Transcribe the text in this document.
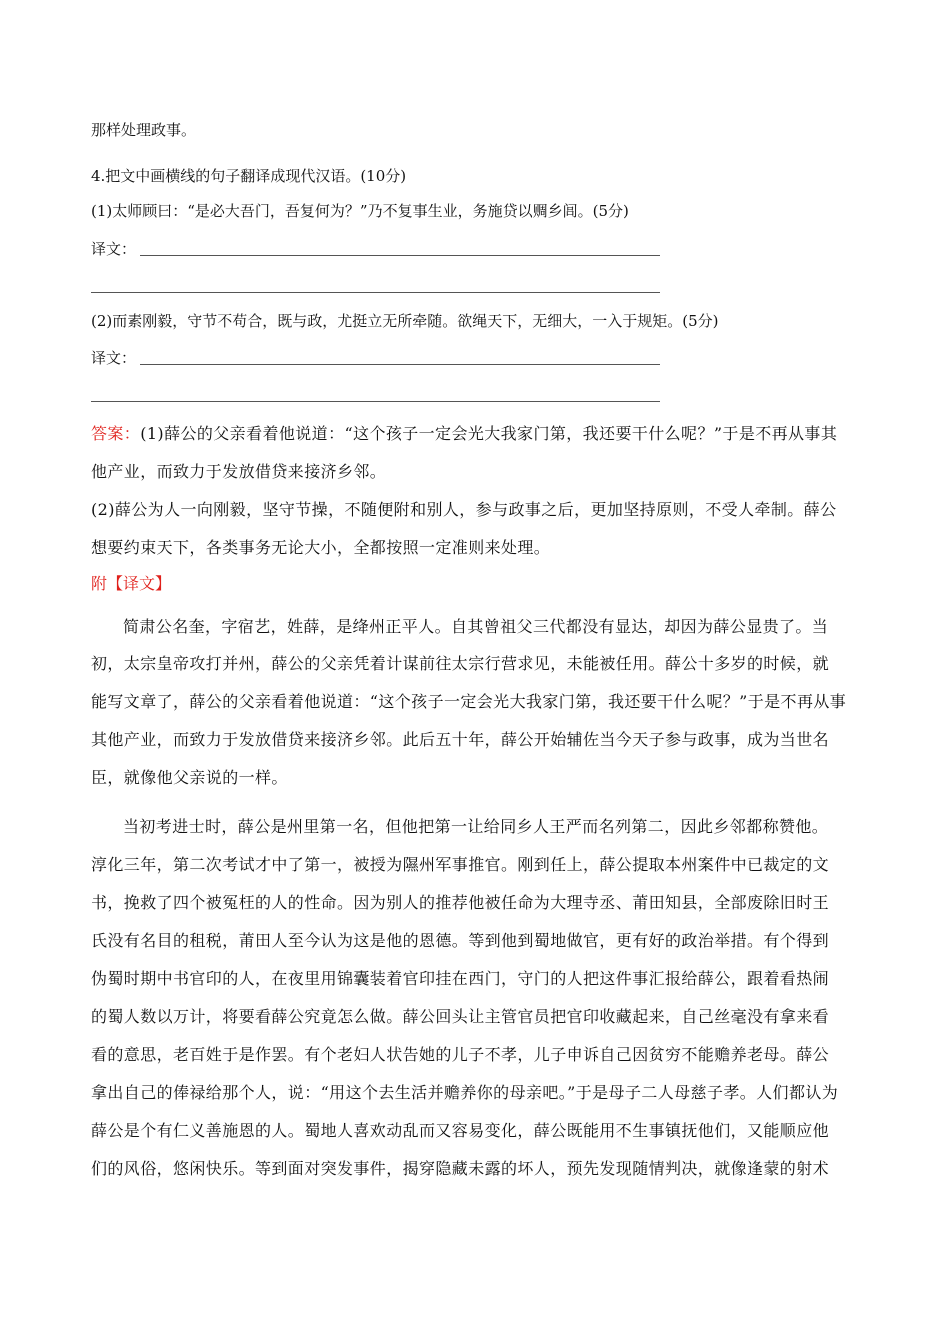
那样处理政事。
4.把文中画横线的句子翻译成现代汉语。(10分)
(1)太师顾曰：“是必大吾门，吾复何为？”乃不复事生业，务施贷以赒乡闾。(5分)
译文：
(2)而素刚毅，守节不苟合，既与政，尤挺立无所牵随。欲绳天下，无细大，一入于规矩。(5分)
译文：
答案：(1)薛公的父亲看着他说道：“这个孩子一定会光大我家门第，我还要干什么呢？”于是不再从事其
他产业，而致力于发放借贷来接济乡邻。
(2)薛公为人一向刚毅，坚守节操，不随便附和别人，参与政事之后，更加坚持原则，不受人牵制。薛公
想要约束天下，各类事务无论大小，全都按照一定准则来处理。
附【译文】
简肃公名奎，字宿艺，姓薛，是绛州正平人。自其曾祖父三代都没有显达，却因为薛公显贵了。当
初，太宗皇帝攻打并州，薛公的父亲凭着计谋前往太宗行营求见，未能被任用。薛公十多岁的时候，就
能写文章了，薛公的父亲看着他说道：“这个孩子一定会光大我家门第，我还要干什么呢？”于是不再从事
其他产业，而致力于发放借贷来接济乡邻。此后五十年，薛公开始辅佐当今天子参与政事，成为当世名
臣，就像他父亲说的一样。
当初考进士时，薛公是州里第一名，但他把第一让给同乡人王严而名列第二，因此乡邻都称赞他。
淳化三年，第二次考试才中了第一，被授为隰州军事推官。刚到任上，薛公提取本州案件中已裁定的文
书，挽救了四个被冤枉的人的性命。因为别人的推荐他被任命为大理寺丞、莆田知县，全部废除旧时王
氏没有名目的租税，莆田人至今认为这是他的恩德。等到他到蜀地做官，更有好的政治举措。有个得到
伪蜀时期中书官印的人，在夜里用锦囊装着官印挂在西门，守门的人把这件事汇报给薛公，跟着看热闹
的蜀人数以万计，将要看薛公究竟怎么做。薛公回头让主管官员把官印收藏起来，自己丝毫没有拿来看
看的意思，老百姓于是作罢。有个老妇人状告她的儿子不孝，儿子申诉自己因贫穷不能赡养老母。薛公
拿出自己的俸禄给那个人，说：“用这个去生活并赡养你的母亲吧。”于是母子二人母慈子孝。人们都认为
薛公是个有仁义善施恩的人。蜀地人喜欢动乱而又容易变化，薛公既能用不生事镇抚他们，又能顺应他
们的风俗，悠闲快乐。等到面对突发事件，揭穿隐藏未露的坏人，预先发现随情判决，就像逢蒙的射术
